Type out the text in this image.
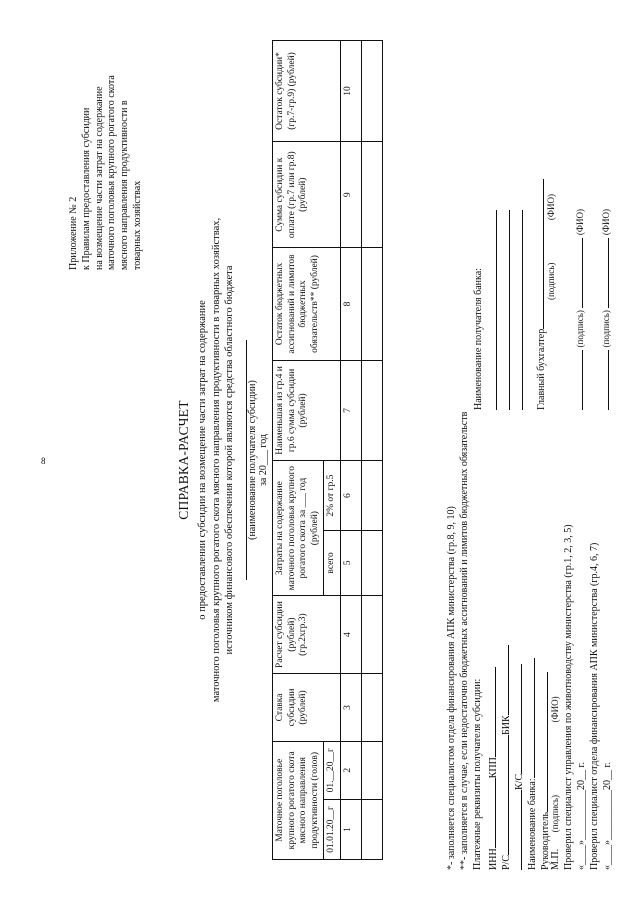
8
Приложение № 2 к Правилам предоставления субсидии на возмещение части затрат на содержание маточного поголовья крупного рогатого скота мясного направления продуктивности в товарных хозяйствах
СПРАВКА-РАСЧЕТ о предоставлении субсидии на возмещение части затрат на содержание маточного поголовья крупного рогатого скота мясного направления продуктивности в товарных хозяйствах, источником финансового обеспечения которой являются средства областного бюджета (наименование получателя субсидии) за 20___ год
Маточное поголовье крупного рогатого скота мясного направления продуктивности (голов)		Ставка субсидии (рублей)	Расчет субсидии (рублей) (гр.2хгр.3)	Затраты на содержание маточного поголовья крупного рогатого скота за ___ год (рублей)		Наименьшая из гр.4 и гр.6 сумма субсидии (рублей)	Остаток бюджетных ассигнований и лимитов бюджетных обязательств** (рублей)	Сумма субсидии к оплате (гр.7 или гр.8) (рублей)	Остаток субсидии* (гр.7-гр.9) (рублей)
01.01.20__г	01.__20__г			всего	2% от гр.5				
1	2	3	4	5	6	7	8	9	10

*- заполняется специалистом отдела финансирования АПК министерства (гр.8, 9, 10) **- заполняется в случае, если недостаточно бюджетных ассигнований и лимитов бюджетных обязательств Платежные реквизиты получателя субсидии: ИННКПП
Р/СБИК
К/С Наименование банка: Руководитель М.П. (подпись) (ФИО) Проверил специалист управления по животноводству министерства (гр.1, 2, 3, 5) «____»__________20__ г. Проверил специалист отдела финансирования АПК министерства (гр.4, 6, 7) «____»__________20__ г.
Наименование получателя банка:	Главный бухгалтер
(подпись) (ФИО)
(подпись)  (ФИО)
(подпись)  (ФИО)
